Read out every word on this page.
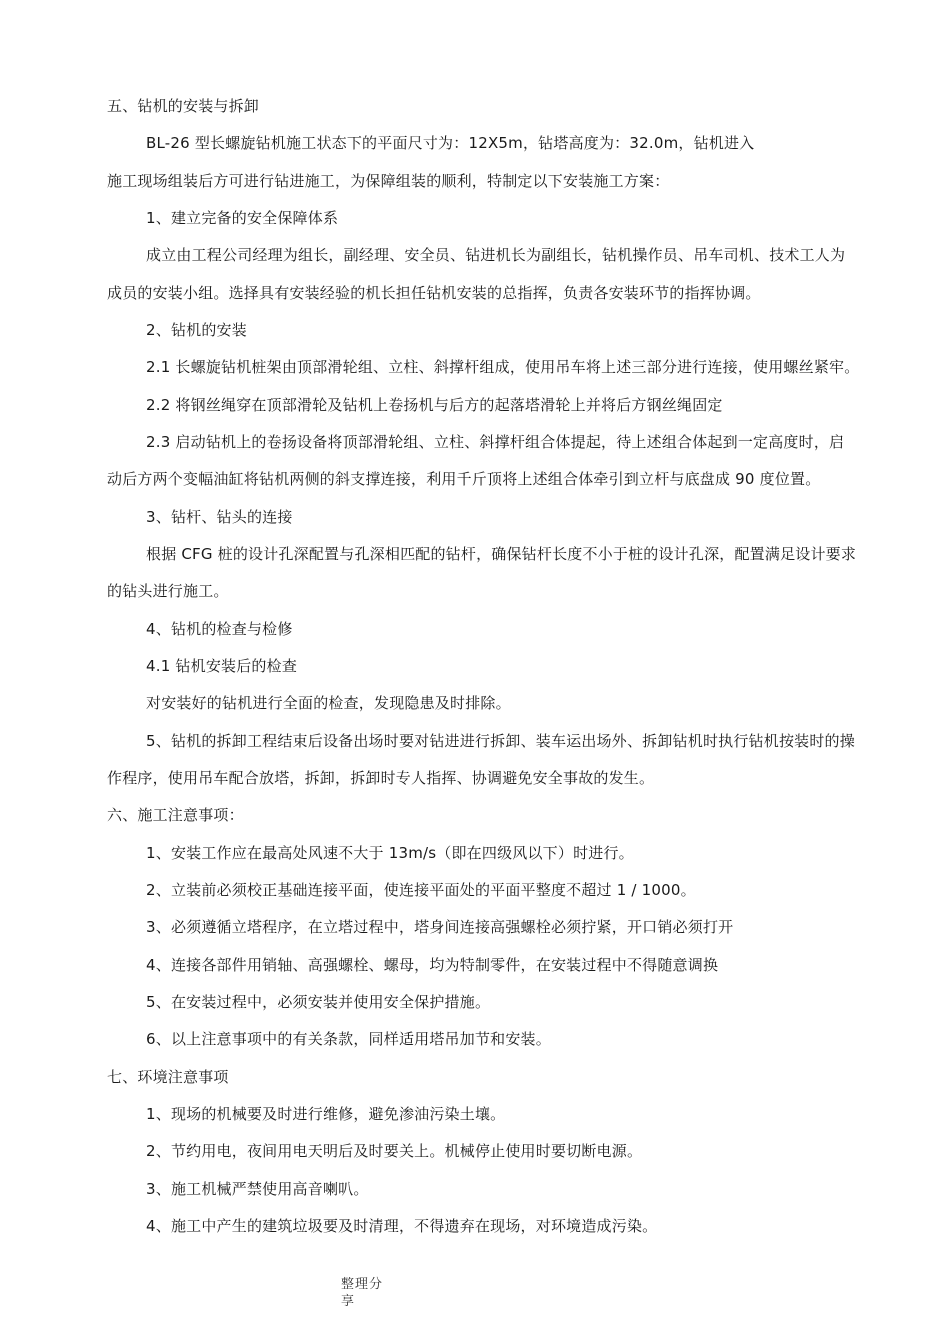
五、钻机的安装与拆卸
BL-26 型长螺旋钻机施工状态下的平面尺寸为：12X5m，钻塔高度为：32.0m，钻机进入
施工现场组装后方可进行钻进施工，为保障组装的顺利，特制定以下安装施工方案：
1、建立完备的安全保障体系
成立由工程公司经理为组长，副经理、安全员、钻进机长为副组长，钻机操作员、吊车司机、技术工人为
成员的安装小组。选择具有安装经验的机长担任钻机安装的总指挥，负责各安装环节的指挥协调。
2、钻机的安装
2.1 长螺旋钻机桩架由顶部滑轮组、立柱、斜撑杆组成，使用吊车将上述三部分进行连接，使用螺丝紧牢。
2.2 将钢丝绳穿在顶部滑轮及钻机上卷扬机与后方的起落塔滑轮上并将后方钢丝绳固定
2.3 启动钻机上的卷扬设备将顶部滑轮组、立柱、斜撑杆组合体提起，待上述组合体起到一定高度时，启
动后方两个变幅油缸将钻机两侧的斜支撑连接，利用千斤顶将上述组合体牵引到立杆与底盘成 90 度位置。
3、钻杆、钻头的连接
根据 CFG 桩的设计孔深配置与孔深相匹配的钻杆，确保钻杆长度不小于桩的设计孔深，配置满足设计要求
的钻头进行施工。
4、钻机的检查与检修
4.1 钻机安装后的检查
对安装好的钻机进行全面的检查，发现隐患及时排除。
5、钻机的拆卸工程结束后设备出场时要对钻进进行拆卸、装车运出场外、拆卸钻机时执行钻机按装时的操
作程序，使用吊车配合放塔，拆卸，拆卸时专人指挥、协调避免安全事故的发生。
六、施工注意事项：
1、安装工作应在最高处风速不大于 13m/s（即在四级风以下）时进行。
2、立装前必须校正基础连接平面，使连接平面处的平面平整度不超过 1 / 1000。
3、必须遵循立塔程序，在立塔过程中，塔身间连接高强螺栓必须拧紧，开口销必须打开
4、连接各部件用销轴、高强螺栓、螺母，均为特制零件，在安装过程中不得随意调换
5、在安装过程中，必须安装并使用安全保护措施。
6、以上注意事项中的有关条款，同样适用塔吊加节和安装。
七、环境注意事项
1、现场的机械要及时进行维修，避免渗油污染土壤。
2、节约用电，夜间用电天明后及时要关上。机械停止使用时要切断电源。
3、施工机械严禁使用高音喇叭。
4、施工中产生的建筑垃圾要及时清理，不得遗弃在现场，对环境造成污染。
整理分享
